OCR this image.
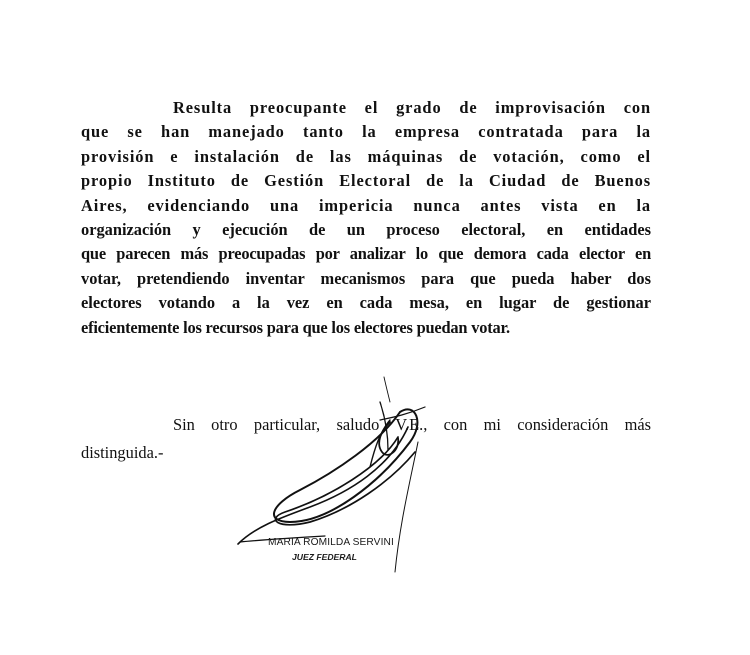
Resulta preocupante el grado de improvisación con
que se han manejado tanto la empresa contratada para la
provisión e instalación de las máquinas de votación, como el
propio Instituto de Gestión Electoral de la Ciudad de Buenos
Aires, evidenciando una impericia nunca antes vista en la
organización y ejecución de un proceso electoral, en entidades
que parecen más preocupadas por analizar lo que demora cada elector en
votar, pretendiendo inventar mecanismos para que pueda haber dos
electores votando a la vez en cada mesa, en lugar de gestionar
eficientemente los recursos para que los electores puedan votar.
Sin otro particular, saludo V.E., con mi consideración más
distinguida.-
MARIA ROMILDA SERVINI
JUEZ FEDERAL
